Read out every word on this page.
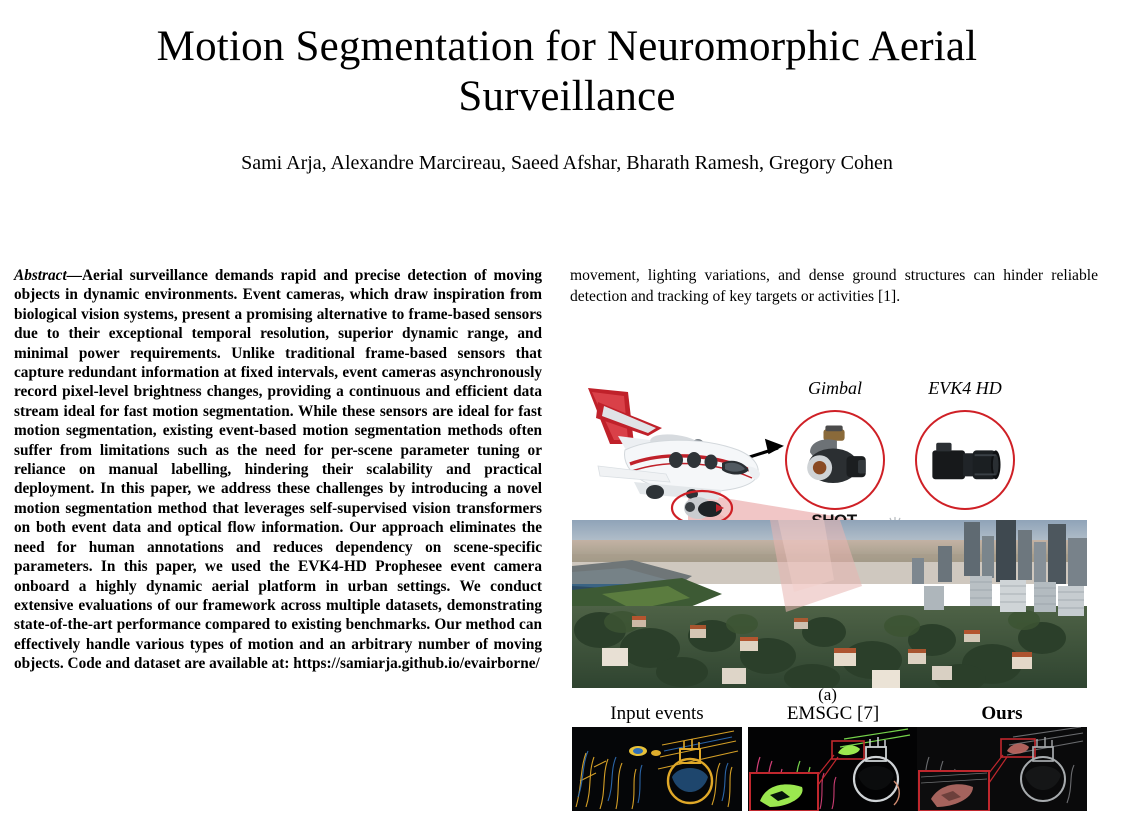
Motion Segmentation for Neuromorphic Aerial Surveillance
Sami Arja, Alexandre Marcireau, Saeed Afshar, Bharath Ramesh, Gregory Cohen
Abstract—Aerial surveillance demands rapid and precise detection of moving objects in dynamic environments. Event cameras, which draw inspiration from biological vision systems, present a promising alternative to frame-based sensors due to their exceptional temporal resolution, superior dynamic range, and minimal power requirements. Unlike traditional frame-based sensors that capture redundant information at fixed intervals, event cameras asynchronously record pixel-level brightness changes, providing a continuous and efficient data stream ideal for fast motion segmentation. While these sensors are ideal for fast motion segmentation, existing event-based motion segmentation methods often suffer from limitations such as the need for per-scene parameter tuning or reliance on manual labelling, hindering their scalability and practical deployment. In this paper, we address these challenges by introducing a novel motion segmentation method that leverages self-supervised vision transformers on both event data and optical flow information. Our approach eliminates the need for human annotations and reduces dependency on scene-specific parameters. In this paper, we used the EVK4-HD Prophesee event camera onboard a highly dynamic aerial platform in urban settings. We conduct extensive evaluations of our framework across multiple datasets, demonstrating state-of-the-art performance compared to existing benchmarks. Our method can effectively handle various types of motion and an arbitrary number of moving objects. Code and dataset are available at: https://samiarja.github.io/evairborne/
movement, lighting variations, and dense ground structures can hinder reliable detection and tracking of key targets or activities [1].
Gimbal	EVK4 HD
(a)
Input events	EMSGC [7]	Ours
